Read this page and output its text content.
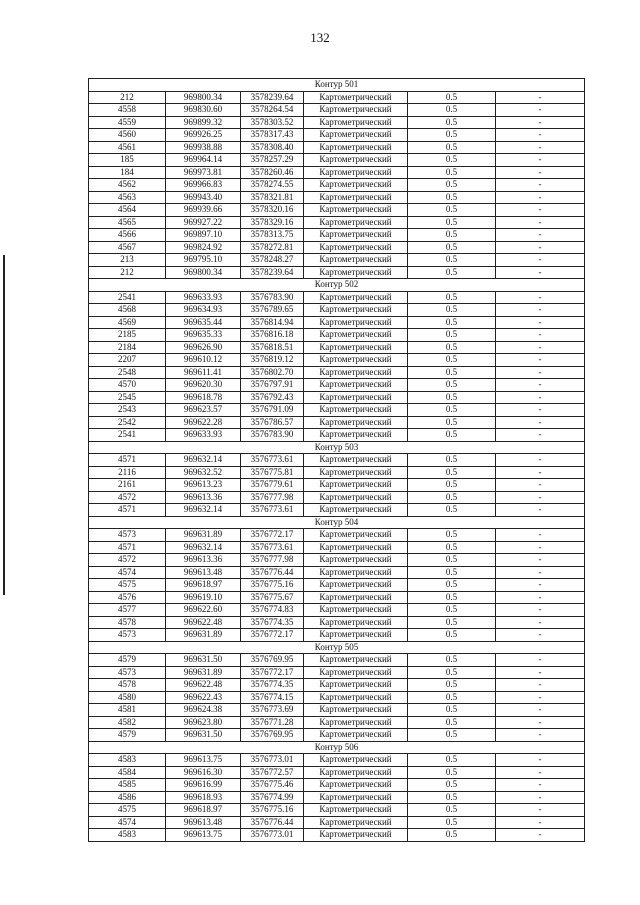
132
Контур 501					
212	969800.34	3578239.64	Картометрический	0.5	-
4558	969830.60	3578264.54	Картометрический	0.5	-
4559	969899.32	3578303.52	Картометрический	0.5	-
4560	969926.25	3578317.43	Картометрический	0.5	-
4561	969938.88	3578308.40	Картометрический	0.5	-
185	969964.14	3578257.29	Картометрический	0.5	-
184	969973.81	3578260.46	Картометрический	0.5	-
4562	969966.83	3578274.55	Картометрический	0.5	-
4563	969943.40	3578321.81	Картометрический	0.5	-
4564	969939.66	3578320.16	Картометрический	0.5	-
4565	969927.22	3578329.16	Картометрический	0.5	-
4566	969897.10	3578313.75	Картометрический	0.5	-
4567	969824.92	3578272.81	Картометрический	0.5	-
213	969795.10	3578248.27	Картометрический	0.5	-
212	969800.34	3578239.64	Картометрический	0.5	-
Контур 502					
2541	969633.93	3576783.90	Картометрический	0.5	-
4568	969634.93	3576789.65	Картометрический	0.5	-
4569	969635.44	3576814.94	Картометрический	0.5	-
2185	969635.33	3576816.18	Картометрический	0.5	-
2184	969626.90	3576818.51	Картометрический	0.5	-
2207	969610.12	3576819.12	Картометрический	0.5	-
2548	969611.41	3576802.70	Картометрический	0.5	-
4570	969620.30	3576797.91	Картометрический	0.5	-
2545	969618.78	3576792.43	Картометрический	0.5	-
2543	969623.57	3576791.09	Картометрический	0.5	-
2542	969622.28	3576786.57	Картометрический	0.5	-
2541	969633.93	3576783.90	Картометрический	0.5	-
Контур 503					
4571	969632.14	3576773.61	Картометрический	0.5	-
2116	969632.52	3576775.81	Картометрический	0.5	-
2161	969613.23	3576779.61	Картометрический	0.5	-
4572	969613.36	3576777.98	Картометрический	0.5	-
4571	969632.14	3576773.61	Картометрический	0.5	-
Контур 504					
4573	969631.89	3576772.17	Картометрический	0.5	-
4571	969632.14	3576773.61	Картометрический	0.5	-
4572	969613.36	3576777.98	Картометрический	0.5	-
4574	969613.48	3576776.44	Картометрический	0.5	-
4575	969618.97	3576775.16	Картометрический	0.5	-
4576	969619.10	3576775.67	Картометрический	0.5	-
4577	969622.60	3576774.83	Картометрический	0.5	-
4578	969622.48	3576774.35	Картометрический	0.5	-
4573	969631.89	3576772.17	Картометрический	0.5	-
Контур 505					
4579	969631.50	3576769.95	Картометрический	0.5	-
4573	969631.89	3576772.17	Картометрический	0.5	-
4578	969622.48	3576774.35	Картометрический	0.5	-
4580	969622.43	3576774.15	Картометрический	0.5	-
4581	969624.38	3576773.69	Картометрический	0.5	-
4582	969623.80	3576771.28	Картометрический	0.5	-
4579	969631.50	3576769.95	Картометрический	0.5	-
Контур 506					
4583	969613.75	3576773.01	Картометрический	0.5	-
4584	969616.30	3576772.57	Картометрический	0.5	-
4585	969616.99	3576775.46	Картометрический	0.5	-
4586	969618.93	3576774.99	Картометрический	0.5	-
4575	969618.97	3576775.16	Картометрический	0.5	-
4574	969613.48	3576776.44	Картометрический	0.5	-
4583	969613.75	3576773.01	Картометрический	0.5	-
